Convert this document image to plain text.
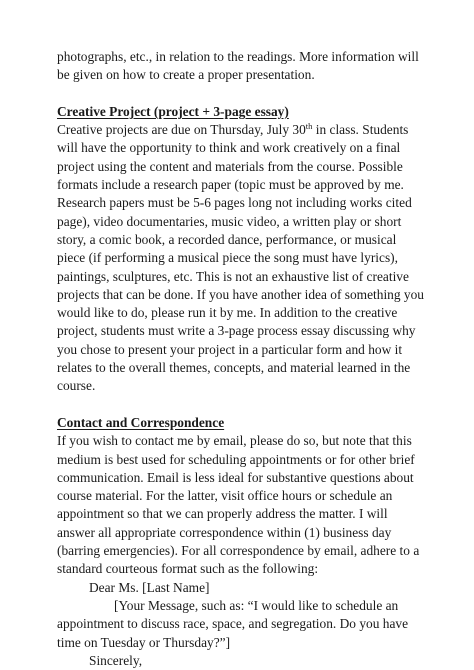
photographs, etc., in relation to the readings. More information will
be given on how to create a proper presentation.
Creative Project (project + 3-page essay)
Creative projects are due on Thursday, July 30th in class. Students
will have the opportunity to think and work creatively on a final
project using the content and materials from the course. Possible
formats include a research paper (topic must be approved by me.
Research papers must be 5-6 pages long not including works cited
page), video documentaries, music video, a written play or short
story, a comic book, a recorded dance, performance, or musical
piece (if performing a musical piece the song must have lyrics),
paintings, sculptures, etc. This is not an exhaustive list of creative
projects that can be done. If you have another idea of something you
would like to do, please run it by me. In addition to the creative
project, students must write a 3-page process essay discussing why
you chose to present your project in a particular form and how it
relates to the overall themes, concepts, and material learned in the
course.
Contact and Correspondence
If you wish to contact me by email, please do so, but note that this
medium is best used for scheduling appointments or for other brief
communication. Email is less ideal for substantive questions about
course material. For the latter, visit office hours or schedule an
appointment so that we can properly address the matter. I will
answer all appropriate correspondence within (1) business day
(barring emergencies). For all correspondence by email, adhere to a
standard courteous format such as the following:
Dear Ms. [Last Name]
[Your Message, such as: “I would like to schedule an
appointment to discuss race, space, and segregation. Do you have
time on Tuesday or Thursday?”]
Sincerely,
